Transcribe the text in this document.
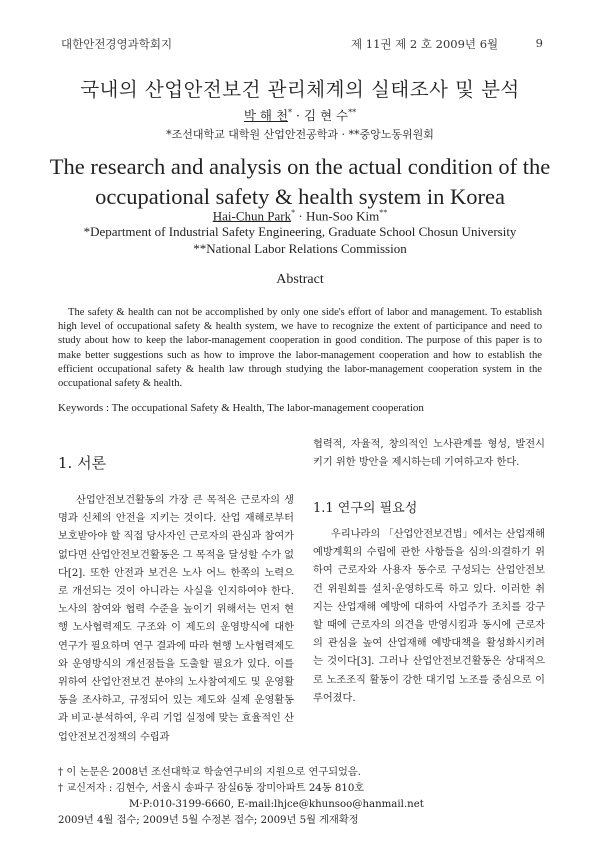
대한안전경영과학회지	제 11권 제 2 호 2009년 6월	9
국내의 산업안전보건 관리체계의 실태조사 및 분석
박 해 천* · 김 현 수**
*조선대학교 대학원 산업안전공학과 · **중앙노동위원회
The research and analysis on the actual condition of the
occupational safety & health system in Korea
Hai-Chun Park* · Hun-Soo Kim**
*Department of Industrial Safety Engineering, Graduate School Chosun University
**National Labor Relations Commission
Abstract
The safety & health can not be accomplished by only one side's effort of labor and management. To establish high level of occupational safety & health system, we have to recognize the extent of participance and need to study about how to keep the labor-management cooperation in good condition. The purpose of this paper is to make better suggestions such as how to improve the labor-management cooperation and how to establish the efficient occupational safety & health law through studying the labor-management cooperation system in the occupational safety & health.
Keywords : The occupational Safety & Health, The labor-management cooperation
1. 서론
산업안전보건활동의 가장 큰 목적은 근로자의 생명과 신체의 안전을 지키는 것이다. 산업 재해로부터 보호받아야 할 직접 당사자인 근로자의 관심과 참여가 없다면 산업안전보건활동은 그 목적을 달성할 수가 없다[2]. 또한 안전과 보건은 노사 어느 한쪽의 노력으로 개선되는 것이 아니라는 사실을 인지하여야 한다. 노사의 참여와 협력 수준을 높이기 위해서는 먼저 현행 노사협력제도 구조와 이 제도의 운영방식에 대한 연구가 필요하며 연구 결과에 따라 현행 노사협력제도와 운영방식의 개선점들을 도출할 필요가 있다. 이를 위하여 산업안전보건 분야의 노사참여제도 및 운영활동을 조사하고, 규정되어 있는 제도와 실제 운영활동과 비교·분석하여, 우리 기업 실정에 맞는 효율적인 산업안전보건정책의 수립과
협력적, 자율적, 창의적인 노사관계를 형성, 발전시키기 위한 방안을 제시하는데 기여하고자 한다.
1.1 연구의 필요성
우리나라의 「산업안전보건법」에서는 산업재해 예방계획의 수립에 관한 사항들을 심의·의결하기 위하여 근로자와 사용자 동수로 구성되는 산업안전보건 위원회를 설치·운영하도록 하고 있다. 이러한 취지는 산업재해 예방에 대하여 사업주가 조치를 강구할 때에 근로자의 의견을 반영시킴과 동시에 근로자의 관심을 높여 산업재해 예방대책을 활성화시키려는 것이다[3]. 그러나 산업안전보건활동은 상대적으로 노조조직 활동이 강한 대기업 노조를 중심으로 이루어졌다.
† 이 논문은 2008년 조선대학교 학술연구비의 지원으로 연구되었음.
† 교신저자 : 김현수, 서울시 송파구 잠실6동 장미아파트 24동 810호
M·P:010-3199-6660, E-mail:lhjce@khunsoo@hanmail.net
2009년 4월 접수; 2009년 5월 수정본 접수; 2009년 5월 게재확정
